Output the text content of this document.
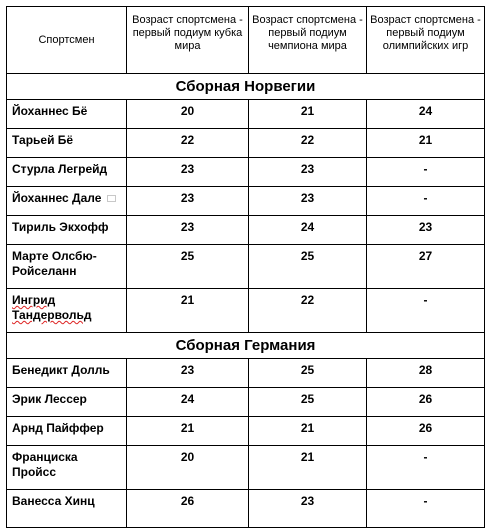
Спортсмен	Возраст спортсмена - первый подиум кубка мира	Возраст спортсмена - первый подиум чемпиона мира	Возраст спортсмена - первый подиум олимпийских игр

Сборная Норвегии			
Йоханнес Бё	20	21	24
Тарьей Бё	22	22	21
Стурла Легрейд	23	23	-
Йоханнес Дале	23	23	-
Тириль Экхофф	23	24	23
Марте Олсбю-Ройселанн	25	25	27
Ингрид Тандервольд	21	22	-
Сборная Германия			
Бенедикт Долль	23	25	28
Эрик Лессер	24	25	26
Арнд Пайффер	21	21	26
Франциска Пройсс	20	21	-
Ванесса Хинц	26	23	-
